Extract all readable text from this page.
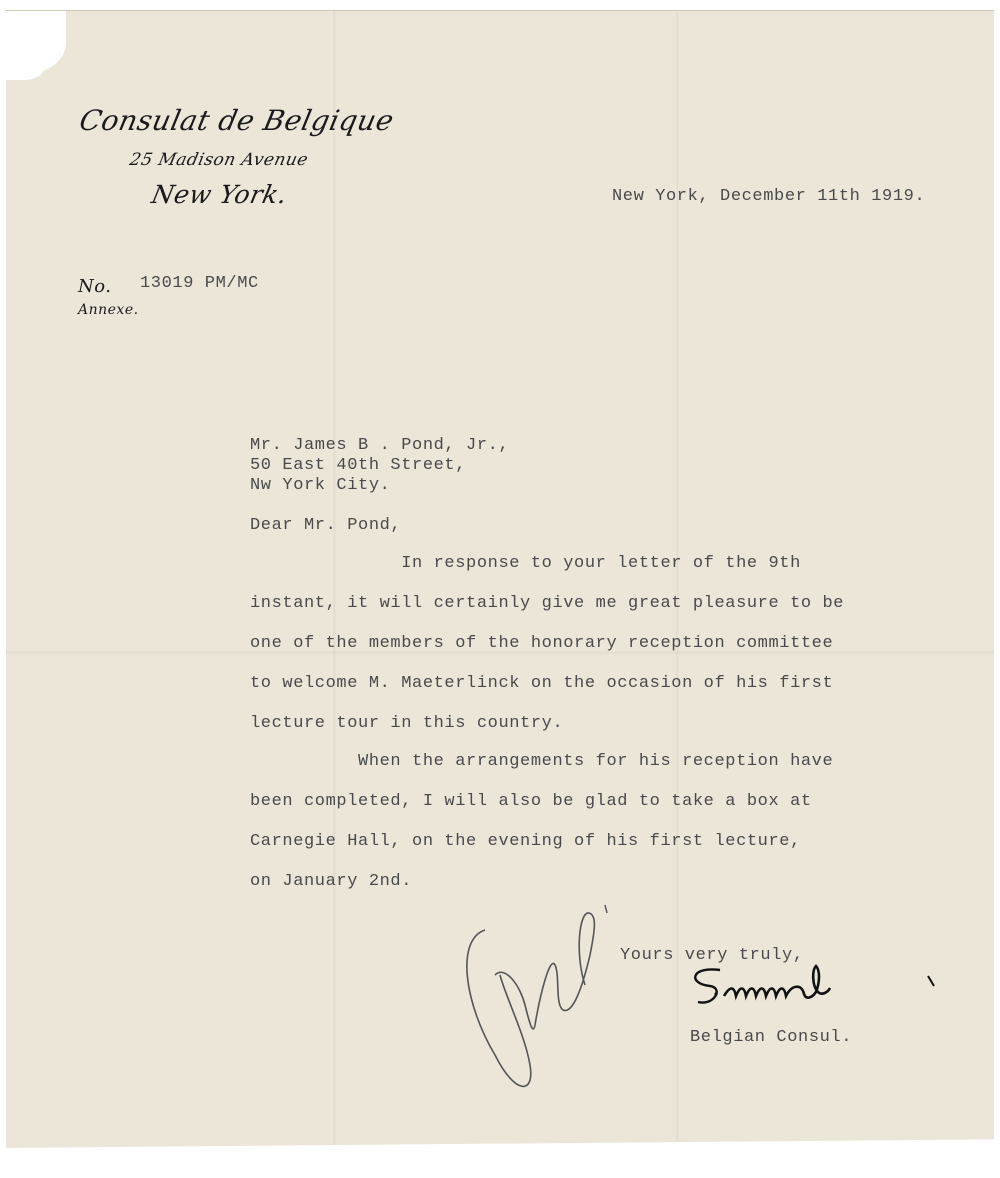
Consulat de Belgique
25 Madison Avenue
New York.
No. 13019 PM/MC
Annexe.
New York, December 11th 1919.
Mr. James B . Pond, Jr.,
50 East 40th Street,
Nw York City.
Dear Mr. Pond,
In response to your letter of the 9th
instant, it will certainly give me great pleasure to be
one of the members of the honorary reception committee
to welcome M. Maeterlinck on the occasion of his first
lecture tour in this country.
When the arrangements for his reception have
been completed, I will also be glad to take a box at
Carnegie Hall, on the evening of his first lecture,
on January 2nd.
Yours very truly,
Belgian Consul.
